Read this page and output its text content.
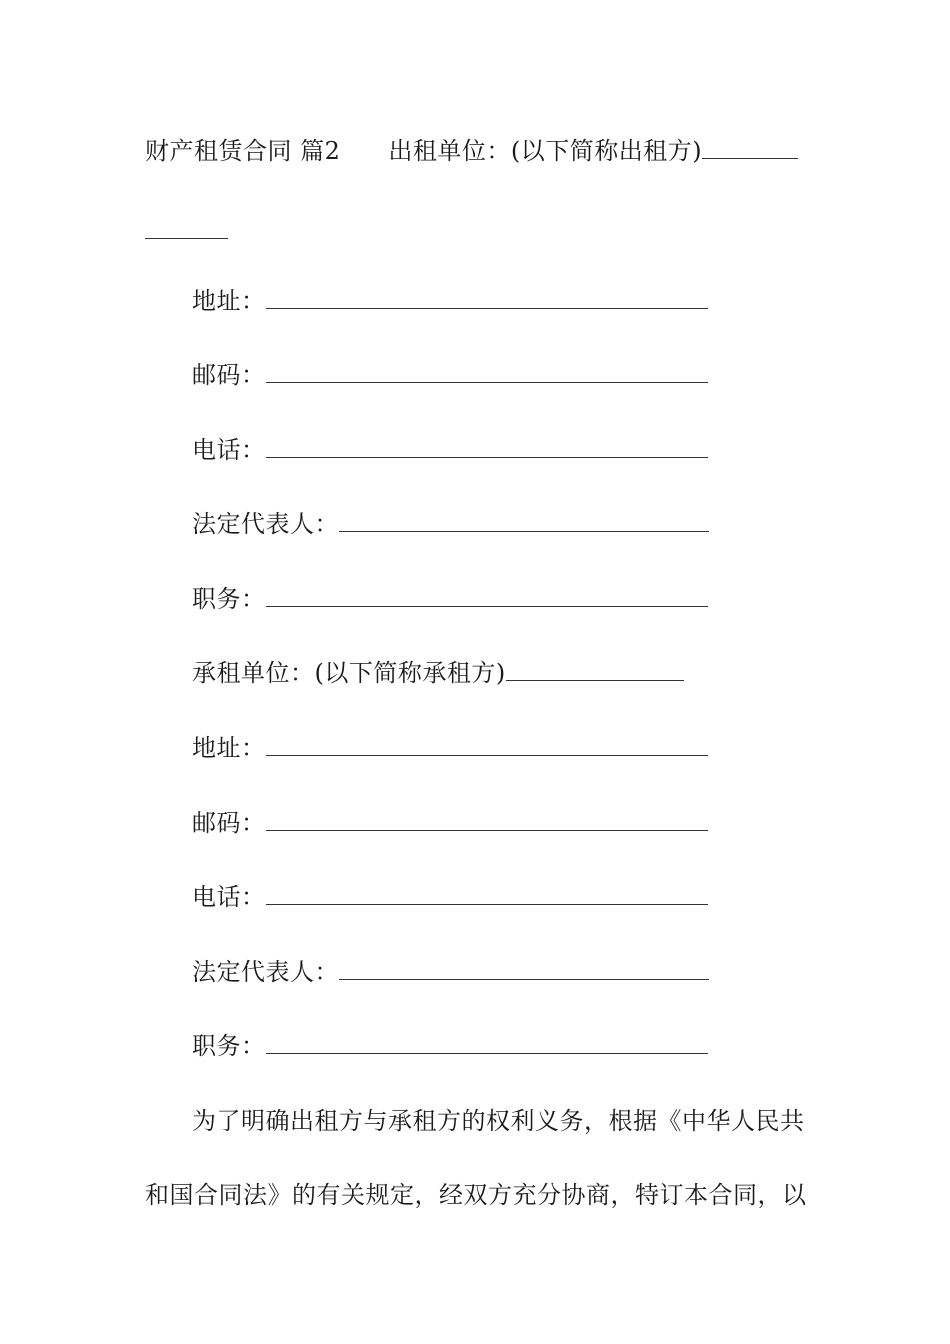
财产租赁合同 篇2 出租单位：(以下简称出租方)
地址：
邮码：
电话：
法定代表人：
职务：
承租单位：(以下简称承租方)
地址：
邮码：
电话：
法定代表人：
职务：
为了明确出租方与承租方的权利义务，根据《中华人民共
和国合同法》的有关规定，经双方充分协商，特订本合同，以
